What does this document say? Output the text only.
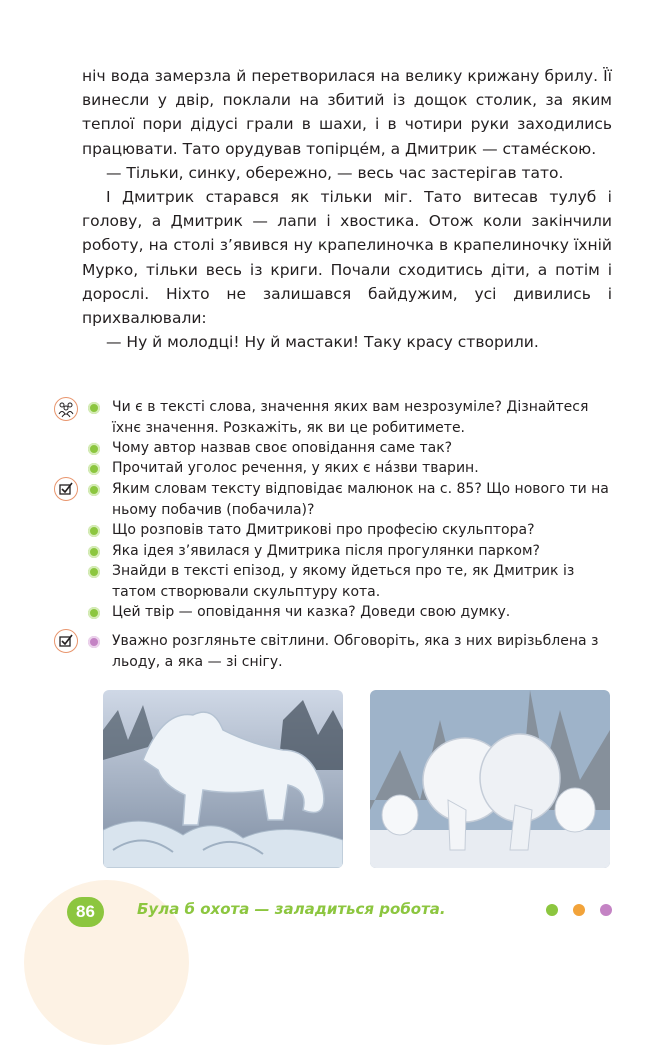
ніч вода замерзла й перетворилася на велику крижану брилу. Її винесли у двір, поклали на збитий із дощок столик, за яким теплої пори дідусі грали в шахи, і в чотири руки заходились працювати. Тато орудував топірце́м, а Дмитрик — стаме́скою.

— Тільки, синку, обережно, — весь час застерігав тато.

І Дмитрик старався як тільки міг. Тато витесав тулуб і голову, а Дмитрик — лапи і хвостика. Отож коли закінчили роботу, на столі з’явився ну крапелиночка в крапелиночку їхній Мурко, тільки весь із криги. Почали сходитись діти, а потім і дорослі. Ніхто не залишався байдужим, усі дивились і прихвалювали:

— Ну й молодці! Ну й мастаки! Таку красу створили.

Чи є в тексті слова, значення яких вам незрозуміле? Дізнайтеся їхнє значення. Розкажіть, як ви це робитимете.

Чому автор назвав своє оповідання саме так?

Прочитай уголос речення, у яких є на́зви тварин.

Яким словам тексту відповідає малюнок на с. 85? Що нового ти на ньому побачив (побачила)?

Що розповів тато Дмитрикові про професію скульптора?

Яка ідея з’явилася у Дмитрика після прогулянки парком?

Знайди в тексті епізод, у якому йдеться про те, як Дмитрик із татом створювали скульптуру кота.

Цей твір — оповідання чи казка? Доведи свою думку.

Уважно розгляньте світлини. Обговоріть, яка з них вирізьблена з льоду, а яка — зі снігу.

86	Була б охота — заладиться робота.
